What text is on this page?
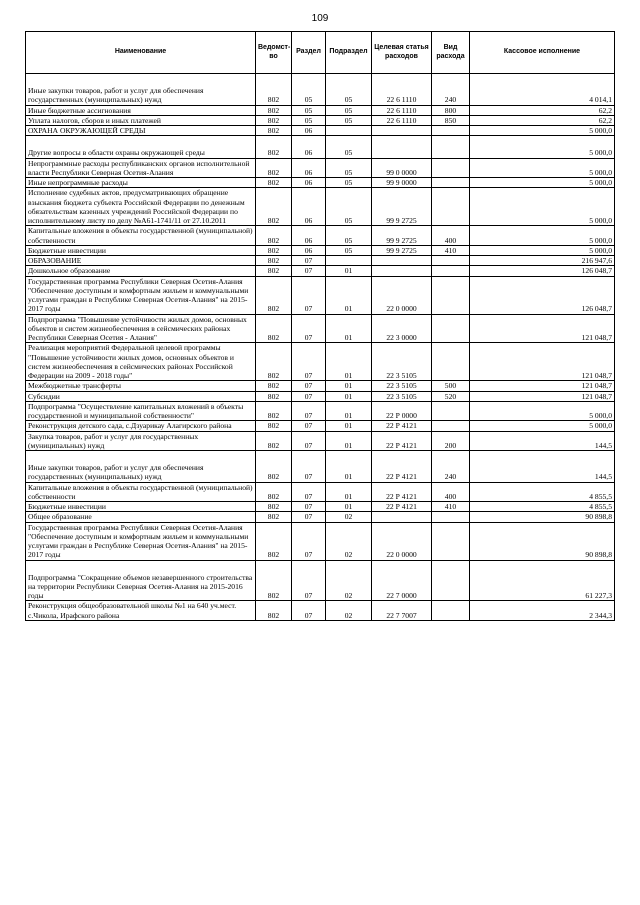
109
Наименование	Ведомст-во	Раздел	Подраздел	Целевая статья расходов	Вид расхода	Кассовое исполнение
Иные закупки товаров, работ и услуг для обеспечения государственных (муниципальных) нужд	802	05	05	22 6 1110	240	4 014,1
Иные бюджетные ассигнования	802	05	05	22 6 1110	800	62,2
Уплата налогов, сборов и иных платежей	802	05	05	22 6 1110	850	62,2
ОХРАНА ОКРУЖАЮЩЕЙ СРЕДЫ	802	06				5 000,0
Другие вопросы в области охраны окружающей среды	802	06	05			5 000,0
Непрограммные расходы республиканских органов исполнительной власти Республики Северная Осетия-Алания	802	06	05	99 0 0000		5 000,0
Иные непрограммные расходы	802	06	05	99 9 0000		5 000,0
Исполнение судебных актов, предусматривающих обращение взыскания бюджета субъекта Российской Федерации по денежным обязательствам казенных учреждений Российской Федерации по исполнительному листу по делу №А61-1741/11 от 27.10.2011	802	06	05	99 9 2725		5 000,0
Капитальные вложения в объекты государственной (муниципальной) собственности	802	06	05	99 9 2725	400	5 000,0
Бюджетные инвестиции	802	06	05	99 9 2725	410	5 000,0
ОБРАЗОВАНИЕ	802	07				216 947,6
Дошкольное образование	802	07	01			126 048,7
Государственная программа Республики Северная Осетия-Алания "Обеспечение доступным и комфортным жильем и коммунальными услугами граждан в Республике Северная Осетия-Алания" на 2015-2017 годы	802	07	01	22 0 0000		126 048,7
Подпрограмма "Повышение устойчивости жилых домов, основных объектов и систем жизнеобеспечения в сейсмических районах Республики Северная Осетия - Алания"	802	07	01	22 3 0000		121 048,7
Реализация мероприятий Федеральной целевой программы "Повышение устойчивости жилых домов, основных объектов и систем жизнеобеспечения в сейсмических районах Российской Федерации на 2009 - 2018 годы"	802	07	01	22 3 5105		121 048,7
Межбюджетные трансферты	802	07	01	22 3 5105	500	121 048,7
Субсидии	802	07	01	22 3 5105	520	121 048,7
Подпрограмма "Осуществление капитальных вложений в объекты государственной и муниципальной собственности"	802	07	01	22 Р 0000		5 000,0
Реконструкция детского сада, с.Дзуарикау Алагирского района	802	07	01	22 Р 4121		5 000,0
Закупка товаров, работ и услуг для государственных (муниципальных) нужд	802	07	01	22 Р 4121	200	144,5
Иные закупки товаров, работ и услуг для обеспечения государственных (муниципальных) нужд	802	07	01	22 Р 4121	240	144,5
Капитальные вложения в объекты государственной (муниципальной) собственности	802	07	01	22 Р 4121	400	4 855,5
Бюджетные инвестиции	802	07	01	22 Р 4121	410	4 855,5
Общее образование	802	07	02			90 898,8
Государственная программа Республики Северная Осетия-Алания "Обеспечение доступным и комфортным жильем и коммунальными услугами граждан в Республике Северная Осетия-Алания" на 2015-2017 годы	802	07	02	22 0 0000		90 898,8
Подпрограмма "Сокращение объемов незавершенного строительства на территории Республики Северная Осетия-Алания на 2015-2016 годы	802	07	02	22 7 0000		61 227,3
Реконструкция общеобразовательной школы №1 на 640 уч.мест. с.Чикола, Ирафского района	802	07	02	22 7 7007		2 344,3
